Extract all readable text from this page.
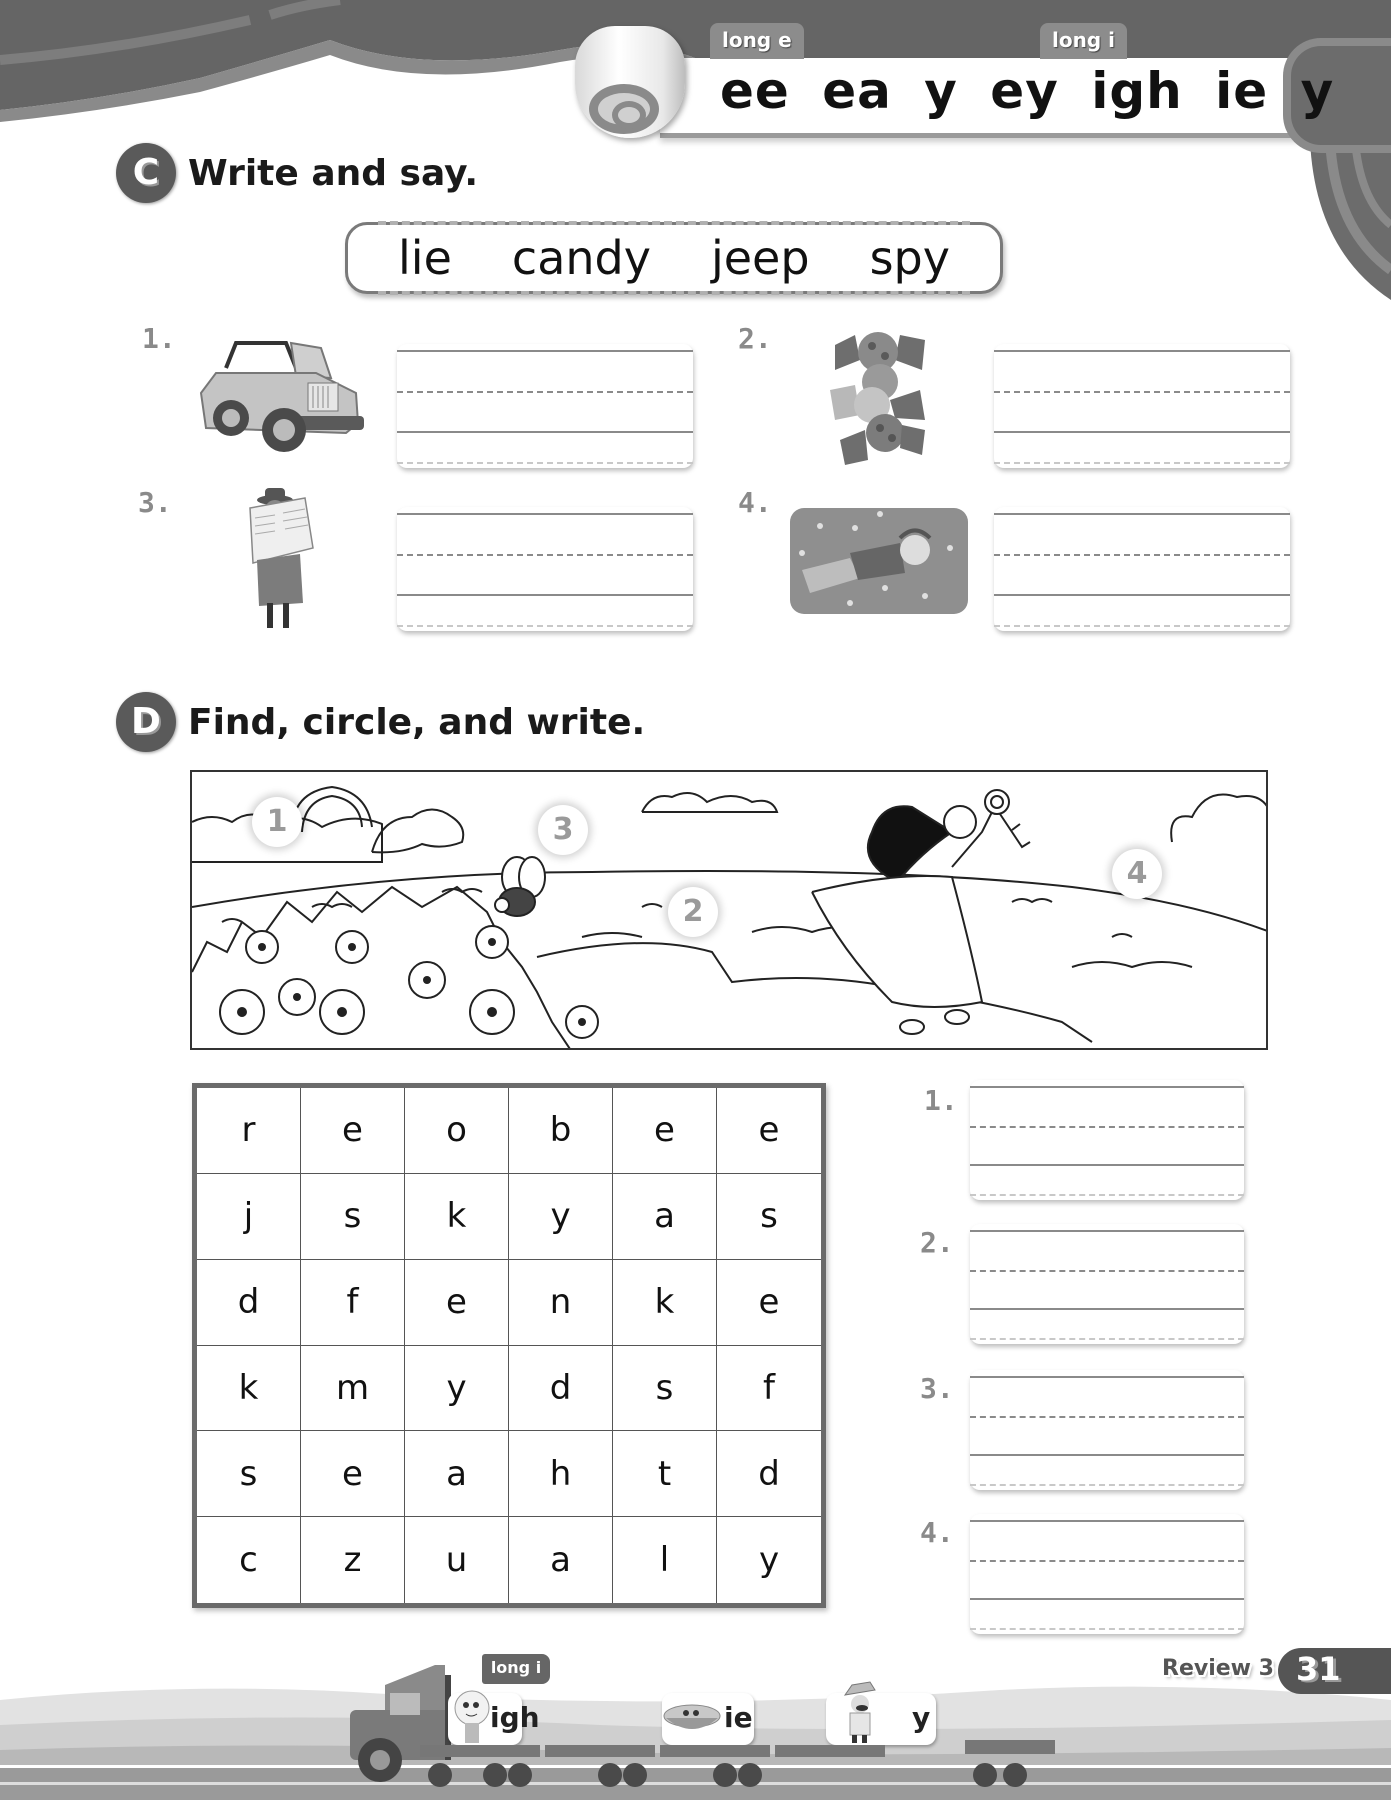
long e	long i
ee ea y ey igh ie y
C Write and say.
lie candy jeep spy
1.	2.
3.	4.
D Find, circle, and write.
1	3
2
4
r	e	o	b	e	e
j	s	k	y	a	s
d	f	e	n	k	e
k	m	y	d	s	f
s	e	a	h	t	d
c	z	u	a	l	y
1.
2.
3.
4.
long i
igh	ie	y
Review 3 31
